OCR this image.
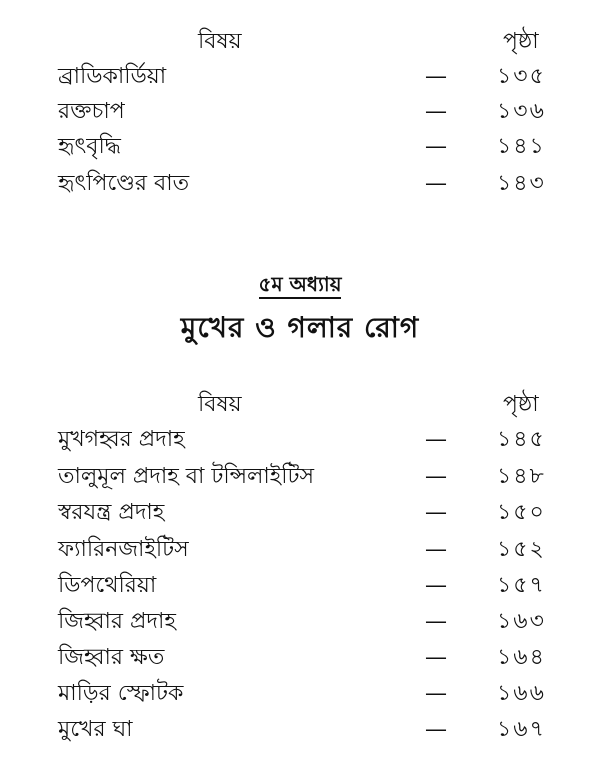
বিষয়	পৃষ্ঠা
ব্রাডিকার্ডিয়া	— ১৩৫
রক্তচাপ	— ১৩৬
হৃৎবৃদ্ধি	— ১৪১
হৃৎপিণ্ডের বাত	— ১৪৩
৫ম অধ্যায়
মুখের ও গলার রোগ
বিষয়	পৃষ্ঠা
মুখগহ্বর প্রদাহ	— ১৪৫
তালুমূল প্রদাহ বা টন্সিলাইটিস	— ১৪৮
স্বরযন্ত্র প্রদাহ	— ১৫০
ফ্যারিনজাইটিস	— ১৫২
ডিপথেরিয়া	— ১৫৭
জিহ্বার প্রদাহ	— ১৬৩
জিহ্বার ক্ষত	— ১৬৪
মাড়ির স্ফোটক	— ১৬৬
মুখের ঘা	— ১৬৭
